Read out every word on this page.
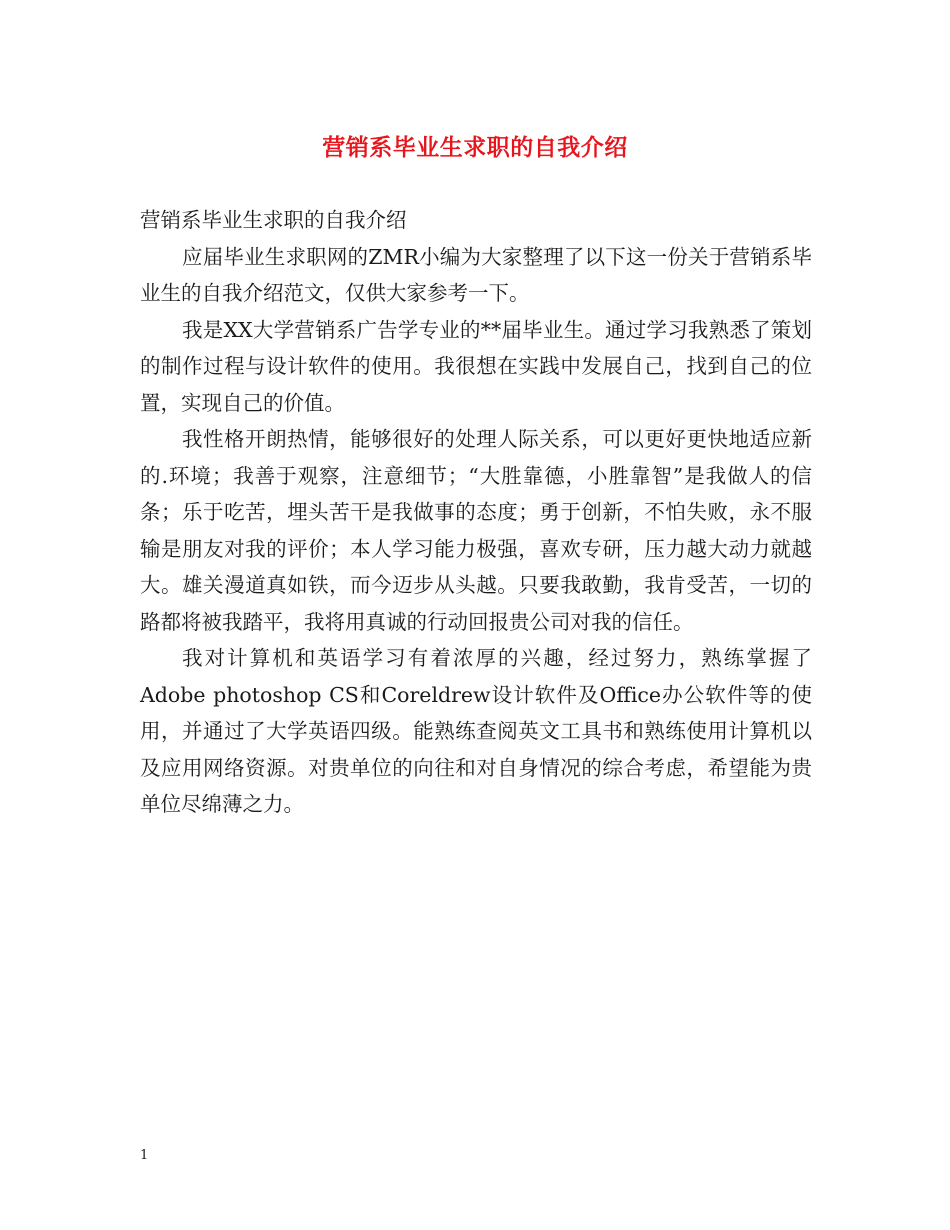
营销系毕业生求职的自我介绍

营销系毕业生求职的自我介绍

应届毕业生求职网的ZMR小编为大家整理了以下这一份关于营销系毕业生的自我介绍范文，仅供大家参考一下。

我是XX大学营销系广告学专业的**届毕业生。通过学习我熟悉了策划的制作过程与设计软件的使用。我很想在实践中发展自己，找到自己的位置，实现自己的价值。

我性格开朗热情，能够很好的处理人际关系，可以更好更快地适应新的.环境；我善于观察，注意细节；“大胜靠德，小胜靠智”是我做人的信条；乐于吃苦，埋头苦干是我做事的态度；勇于创新，不怕失败，永不服输是朋友对我的评价；本人学习能力极强，喜欢专研，压力越大动力就越大。雄关漫道真如铁，而今迈步从头越。只要我敢勤，我肯受苦，一切的路都将被我踏平，我将用真诚的行动回报贵公司对我的信任。

我对计算机和英语学习有着浓厚的兴趣，经过努力，熟练掌握了Adobe photoshop CS和Coreldrew设计软件及Office办公软件等的使用，并通过了大学英语四级。能熟练查阅英文工具书和熟练使用计算机以及应用网络资源。对贵单位的向往和对自身情况的综合考虑，希望能为贵单位尽绵薄之力。

1
